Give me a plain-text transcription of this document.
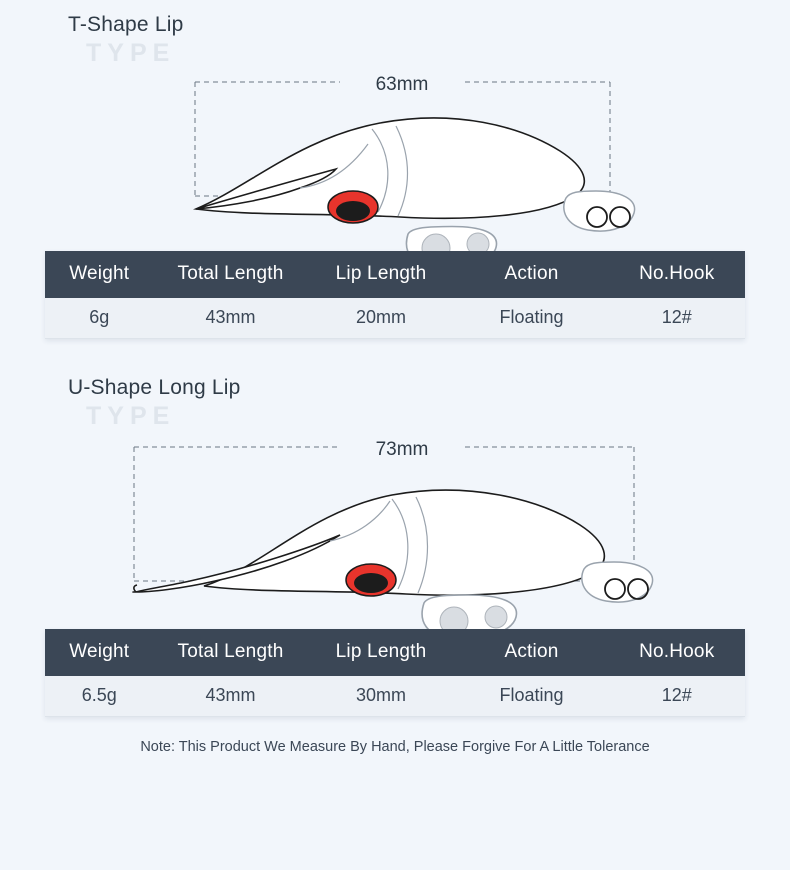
T-Shape Lip
TYPE
63mm
Weight	Total Length	Lip Length	Action	No.Hook
6g	43mm	20mm	Floating	12#
U-Shape Long Lip
TYPE
73mm
Weight	Total Length	Lip Length	Action	No.Hook
6.5g	43mm	30mm	Floating	12#
Note: This Product We Measure By Hand, Please Forgive For A Little Tolerance
